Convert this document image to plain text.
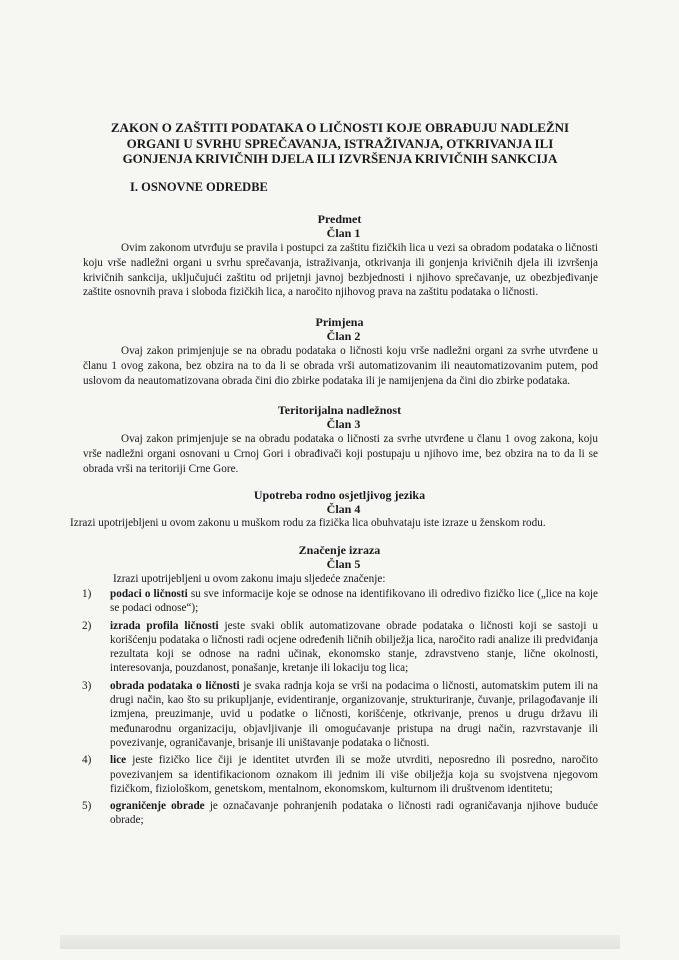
ZAKON O ZAŠTITI PODATAKA O LIČNOSTI KOJE OBRAĐUJU NADLEŽNI ORGANI U SVRHU SPREČAVANJA, ISTRAŽIVANJA, OTKRIVANJA ILI GONJENJA KRIVIČNIH DJELA ILI IZVRŠENJA KRIVIČNIH SANKCIJA
I. OSNOVNE ODREDBE
Predmet
Član 1
Ovim zakonom utvrđuju se pravila i postupci za zaštitu fizičkih lica u vezi sa obradom podataka o ličnosti koju vrše nadležni organi u svrhu sprečavanja, istraživanja, otkrivanja ili gonjenja krivičnih djela ili izvršenja krivičnih sankcija, uključujući zaštitu od prijetnji javnoj bezbjednosti i njihovo sprečavanje, uz obezbjeđivanje zaštite osnovnih prava i sloboda fizičkih lica, a naročito njihovog prava na zaštitu podataka o ličnosti.
Primjena
Član 2
Ovaj zakon primjenjuje se na obradu podataka o ličnosti koju vrše nadležni organi za svrhe utvrđene u članu 1 ovog zakona, bez obzira na to da li se obrada vrši automatizovanim ili neautomatizovanim putem, pod uslovom da neautomatizovana obrada čini dio zbirke podataka ili je namijenjena da čini dio zbirke podataka.
Teritorijalna nadležnost
Član 3
Ovaj zakon primjenjuje se na obradu podataka o ličnosti za svrhe utvrđene u članu 1 ovog zakona, koju vrše nadležni organi osnovani u Crnoj Gori i obrađivači koji postupaju u njihovo ime, bez obzira na to da li se obrada vrši na teritoriji Crne Gore.
Upotreba rodno osjetljivog jezika
Član 4
Izrazi upotrijebljeni u ovom zakonu u muškom rodu za fizička lica obuhvataju iste izraze u ženskom rodu.
Značenje izraza
Član 5
Izrazi upotrijebljeni u ovom zakonu imaju sljedeće značenje:
1) podaci o ličnosti su sve informacije koje se odnose na identifikovano ili odredivo fizičko lice („lice na koje se podaci odnose“);
2) izrada profila ličnosti jeste svaki oblik automatizovane obrade podataka o ličnosti koji se sastoji u korišćenju podataka o ličnosti radi ocjene određenih ličnih obilježja lica, naročito radi analize ili predviđanja rezultata koji se odnose na radni učinak, ekonomsko stanje, zdravstveno stanje, lične okolnosti, interesovanja, pouzdanost, ponašanje, kretanje ili lokaciju tog lica;
3) obrada podataka o ličnosti je svaka radnja koja se vrši na podacima o ličnosti, automatskim putem ili na drugi način, kao što su prikupljanje, evidentiranje, organizovanje, strukturiranje, čuvanje, prilagođavanje ili izmjena, preuzimanje, uvid u podatke o ličnosti, korišćenje, otkrivanje, prenos u drugu državu ili međunarodnu organizaciju, objavljivanje ili omogućavanje pristupa na drugi način, razvrstavanje ili povezivanje, ograničavanje, brisanje ili uništavanje podataka o ličnosti.
4) lice jeste fizičko lice čiji je identitet utvrđen ili se može utvrditi, neposredno ili posredno, naročito povezivanjem sa identifikacionom oznakom ili jednim ili više obilježja koja su svojstvena njegovom fizičkom, fiziološkom, genetskom, mentalnom, ekonomskom, kulturnom ili društvenom identitetu;
5) ograničenje obrade je označavanje pohranjenih podataka o ličnosti radi ograničavanja njihove buduće obrade;
